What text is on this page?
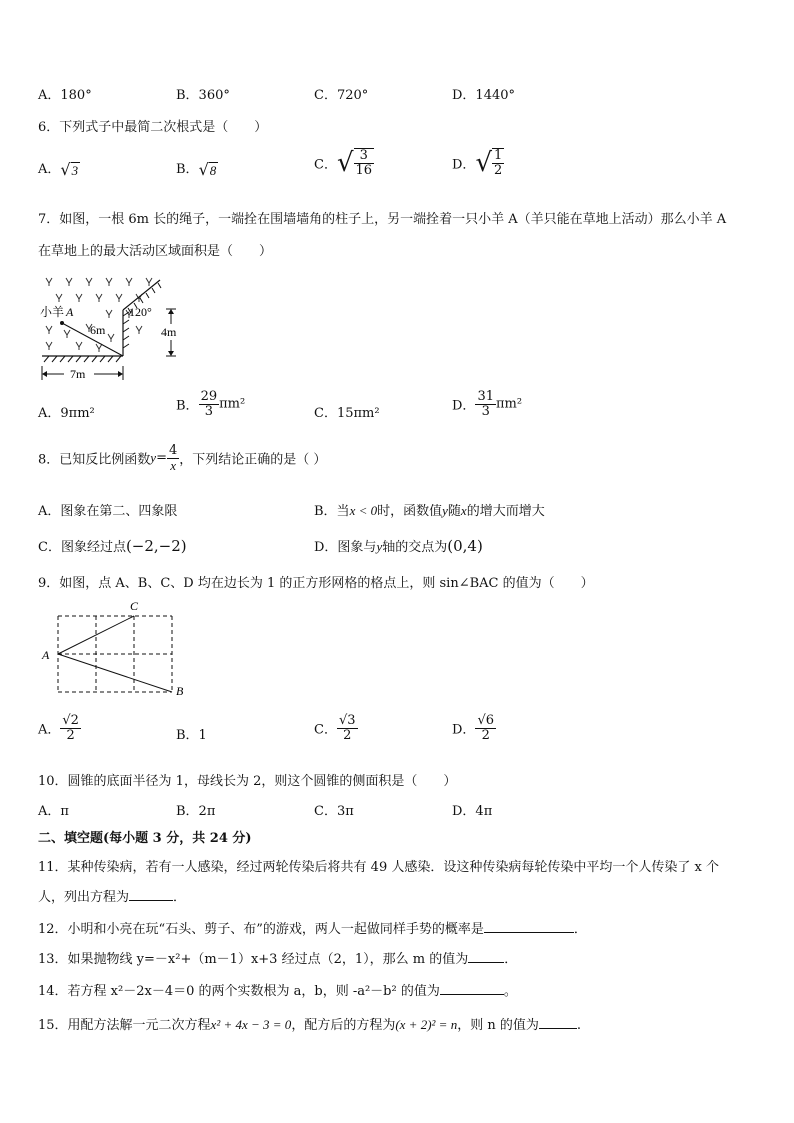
A．180°	B．360°	C．720°	D．1440°
6．下列式子中最简二次根式是（　　）
A．√3	B．√8	C．√ $\frac{3}{16}$	D．√ $\frac{1}{2}$
7．如图，一根 6m 长的绳子，一端拴在围墙墙角的柱子上，另一端拴着一只小羊 A（羊只能在草地上活动）那么小羊 A
在草地上的最大活动区域面积是（　　）
小羊 A
6m
120°
4m
7m
A．9πm²	B． $\frac{29}{3} \pi m^2$
C．15πm²	D． $\frac{31}{3} \pi m^2$
8．已知反比例函数$y= \frac{4}{x}$ ，下列结论正确的是（ ）
A．图象在第二、四象限	B．当x < 0时，函数值y随x的增大而增大
C．图象经过点(−2,−2)	D．图象与y轴的交点为(0,4)
9．如图，点 A、B、C、D 均在边长为 1 的正方形网格的格点上，则 sin∠BAC 的值为（　　）
A
B
C
A． $\frac{√2}{2}$	B．1	C． $\frac{√3}{2}$	D． $\frac{√6}{2}$
10．圆锥的底面半径为 1，母线长为 2，则这个圆锥的侧面积是（　　）
A．π	B．2π	C．3π	D．4π
二、填空题(每小题 3 分，共 24 分)
11．某种传染病，若有一人感染，经过两轮传染后将共有 49 人感染．设这种传染病每轮传染中平均一个人传染了 x 个
人，列出方程为	．
12．小明和小亮在玩“石头、剪子、布”的游戏，两人一起做同样手势的概率是	．
13．如果抛物线 y=－x²+（m－1）x+3 经过点（2，1），那么 m 的值为	．
14．若方程 x²－2x－4＝0 的两个实数根为 a，b，则 -a²－b² 的值为	。
15．用配方法解一元二次方程x² + 4x − 3 = 0，配方后的方程为(x + 2)² = n，则 n 的值为	.
